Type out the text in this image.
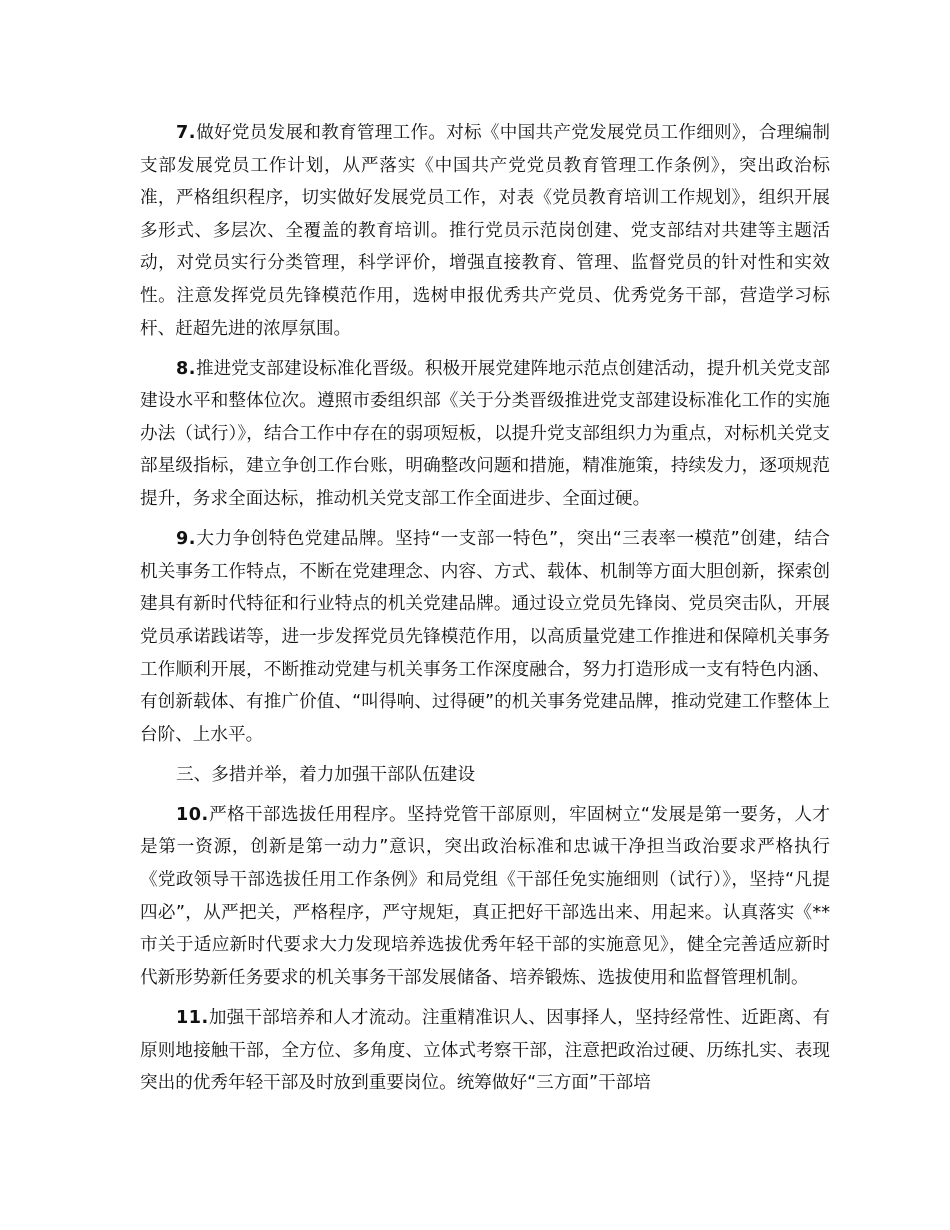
7.做好党员发展和教育管理工作。对标《中国共产党发展党员工作细则》，合理编制支部发展党员工作计划，从严落实《中国共产党党员教育管理工作条例》，突出政治标准，严格组织程序，切实做好发展党员工作，对表《党员教育培训工作规划》，组织开展多形式、多层次、全覆盖的教育培训。推行党员示范岗创建、党支部结对共建等主题活动，对党员实行分类管理，科学评价，增强直接教育、管理、监督党员的针对性和实效性。注意发挥党员先锋模范作用，选树申报优秀共产党员、优秀党务干部，营造学习标杆、赶超先进的浓厚氛围。

8.推进党支部建设标准化晋级。积极开展党建阵地示范点创建活动，提升机关党支部建设水平和整体位次。遵照市委组织部《关于分类晋级推进党支部建设标准化工作的实施办法（试行）》，结合工作中存在的弱项短板，以提升党支部组织力为重点，对标机关党支部星级指标，建立争创工作台账，明确整改问题和措施，精准施策，持续发力，逐项规范提升，务求全面达标，推动机关党支部工作全面进步、全面过硬。

9.大力争创特色党建品牌。坚持“一支部一特色”，突出“三表率一模范”创建，结合机关事务工作特点，不断在党建理念、内容、方式、载体、机制等方面大胆创新，探索创建具有新时代特征和行业特点的机关党建品牌。通过设立党员先锋岗、党员突击队，开展党员承诺践诺等，进一步发挥党员先锋模范作用，以高质量党建工作推进和保障机关事务工作顺利开展，不断推动党建与机关事务工作深度融合，努力打造形成一支有特色内涵、有创新载体、有推广价值、“叫得响、过得硬”的机关事务党建品牌，推动党建工作整体上台阶、上水平。

三、多措并举，着力加强干部队伍建设

10.严格干部选拔任用程序。坚持党管干部原则，牢固树立“发展是第一要务，人才是第一资源，创新是第一动力”意识，突出政治标准和忠诚干净担当政治要求严格执行《党政领导干部选拔任用工作条例》和局党组《干部任免实施细则（试行）》，坚持“凡提四必”，从严把关，严格程序，严守规矩，真正把好干部选出来、用起来。认真落实《**市关于适应新时代要求大力发现培养选拔优秀年轻干部的实施意见》，健全完善适应新时代新形势新任务要求的机关事务干部发展储备、培养锻炼、选拔使用和监督管理机制。

11.加强干部培养和人才流动。注重精准识人、因事择人，坚持经常性、近距离、有原则地接触干部，全方位、多角度、立体式考察干部，注意把政治过硬、历练扎实、表现突出的优秀年轻干部及时放到重要岗位。统筹做好“三方面”干部培
